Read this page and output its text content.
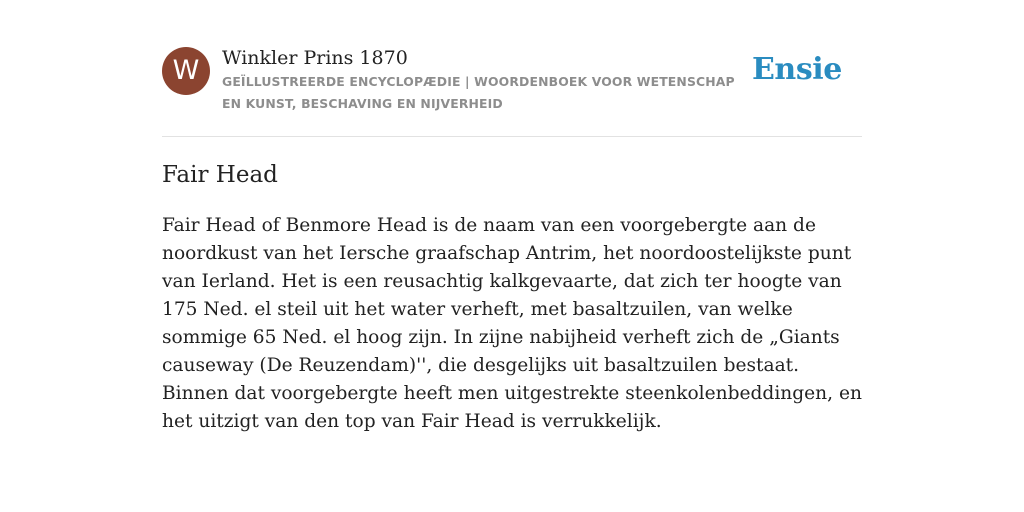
W	Winkler Prins 1870
GEÏLLUSTREERDE ENCYCLOPÆDIE | WOORDENBOEK VOOR WETENSCHAP EN KUNST, BESCHAVING EN NIJVERHEID
Ensie
Fair Head

Fair Head of Benmore Head is de naam van een voorgebergte aan de noordkust van het Iersche graafschap Antrim, het noordoostelijkste punt van Ierland. Het is een reusachtig kalkgevaarte, dat zich ter hoogte van 175 Ned. el steil uit het water verheft, met basaltzuilen, van welke sommige 65 Ned. el hoog zijn. In zijne nabijheid verheft zich de „Giants causeway (De Reuzendam)'', die desgelijks uit basaltzuilen bestaat. Binnen dat voorgebergte heeft men uitgestrekte steenkolenbeddingen, en het uitzigt van den top van Fair Head is verrukkelijk.
